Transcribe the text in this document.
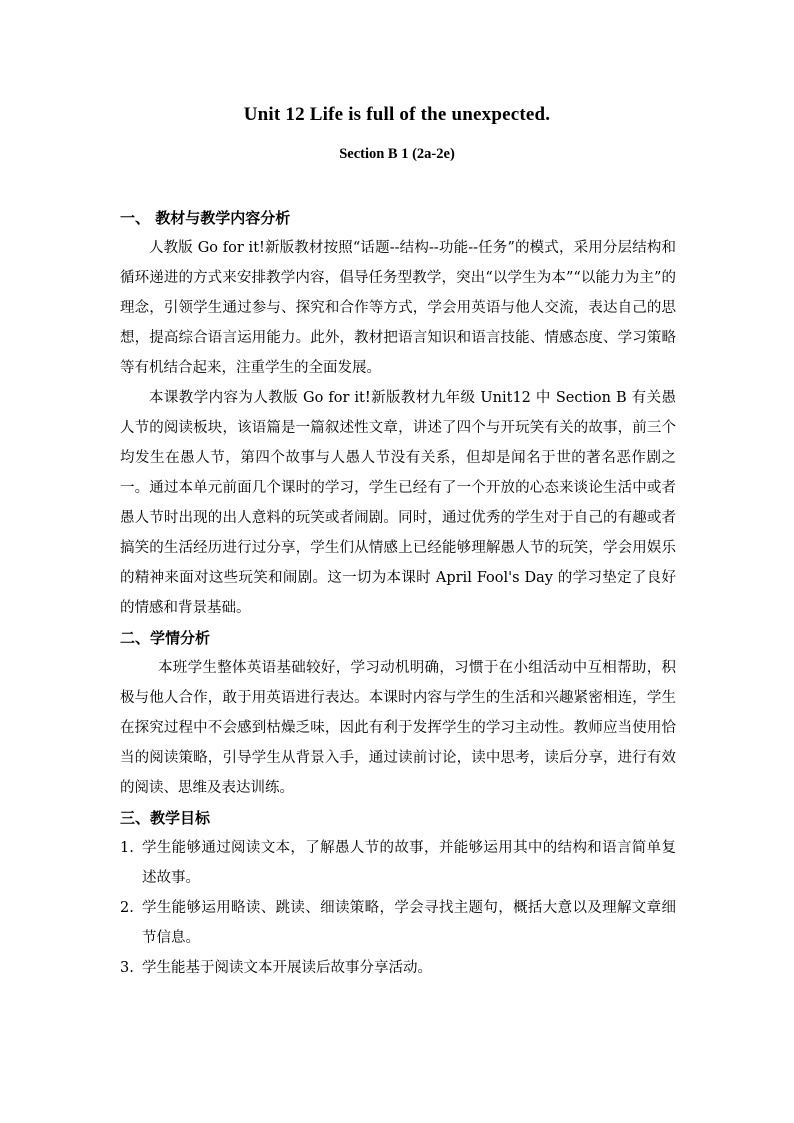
Unit 12 Life is full of the unexpected.
Section B 1 (2a-2e)

一、 教材与教学内容分析

人教版 Go for it!新版教材按照“话题--结构--功能--任务”的模式，采用分层结构和循环递进的方式来安排教学内容，倡导任务型教学，突出“以学生为本”“以能力为主”的理念，引领学生通过参与、探究和合作等方式，学会用英语与他人交流，表达自己的思想，提高综合语言运用能力。此外，教材把语言知识和语言技能、情感态度、学习策略等有机结合起来，注重学生的全面发展。

本课教学内容为人教版 Go for it!新版教材九年级 Unit12 中 Section B 有关愚人节的阅读板块，该语篇是一篇叙述性文章，讲述了四个与开玩笑有关的故事，前三个均发生在愚人节，第四个故事与人愚人节没有关系，但却是闻名于世的著名恶作剧之一。通过本单元前面几个课时的学习，学生已经有了一个开放的心态来谈论生活中或者愚人节时出现的出人意料的玩笑或者闹剧。同时，通过优秀的学生对于自己的有趣或者搞笑的生活经历进行过分享，学生们从情感上已经能够理解愚人节的玩笑，学会用娱乐的精神来面对这些玩笑和闹剧。这一切为本课时 April Fool's Day 的学习垫定了良好的情感和背景基础。

二、学情分析

本班学生整体英语基础较好，学习动机明确，习惯于在小组活动中互相帮助，积极与他人合作，敢于用英语进行表达。本课时内容与学生的生活和兴趣紧密相连，学生在探究过程中不会感到枯燥乏味，因此有利于发挥学生的学习主动性。教师应当使用恰当的阅读策略，引导学生从背景入手，通过读前讨论，读中思考，读后分享，进行有效的阅读、思维及表达训练。

三、教学目标

1. 学生能够通过阅读文本，了解愚人节的故事，并能够运用其中的结构和语言简单复述故事。
2. 学生能够运用略读、跳读、细读策略，学会寻找主题句，概括大意以及理解文章细节信息。
3. 学生能基于阅读文本开展读后故事分享活动。
